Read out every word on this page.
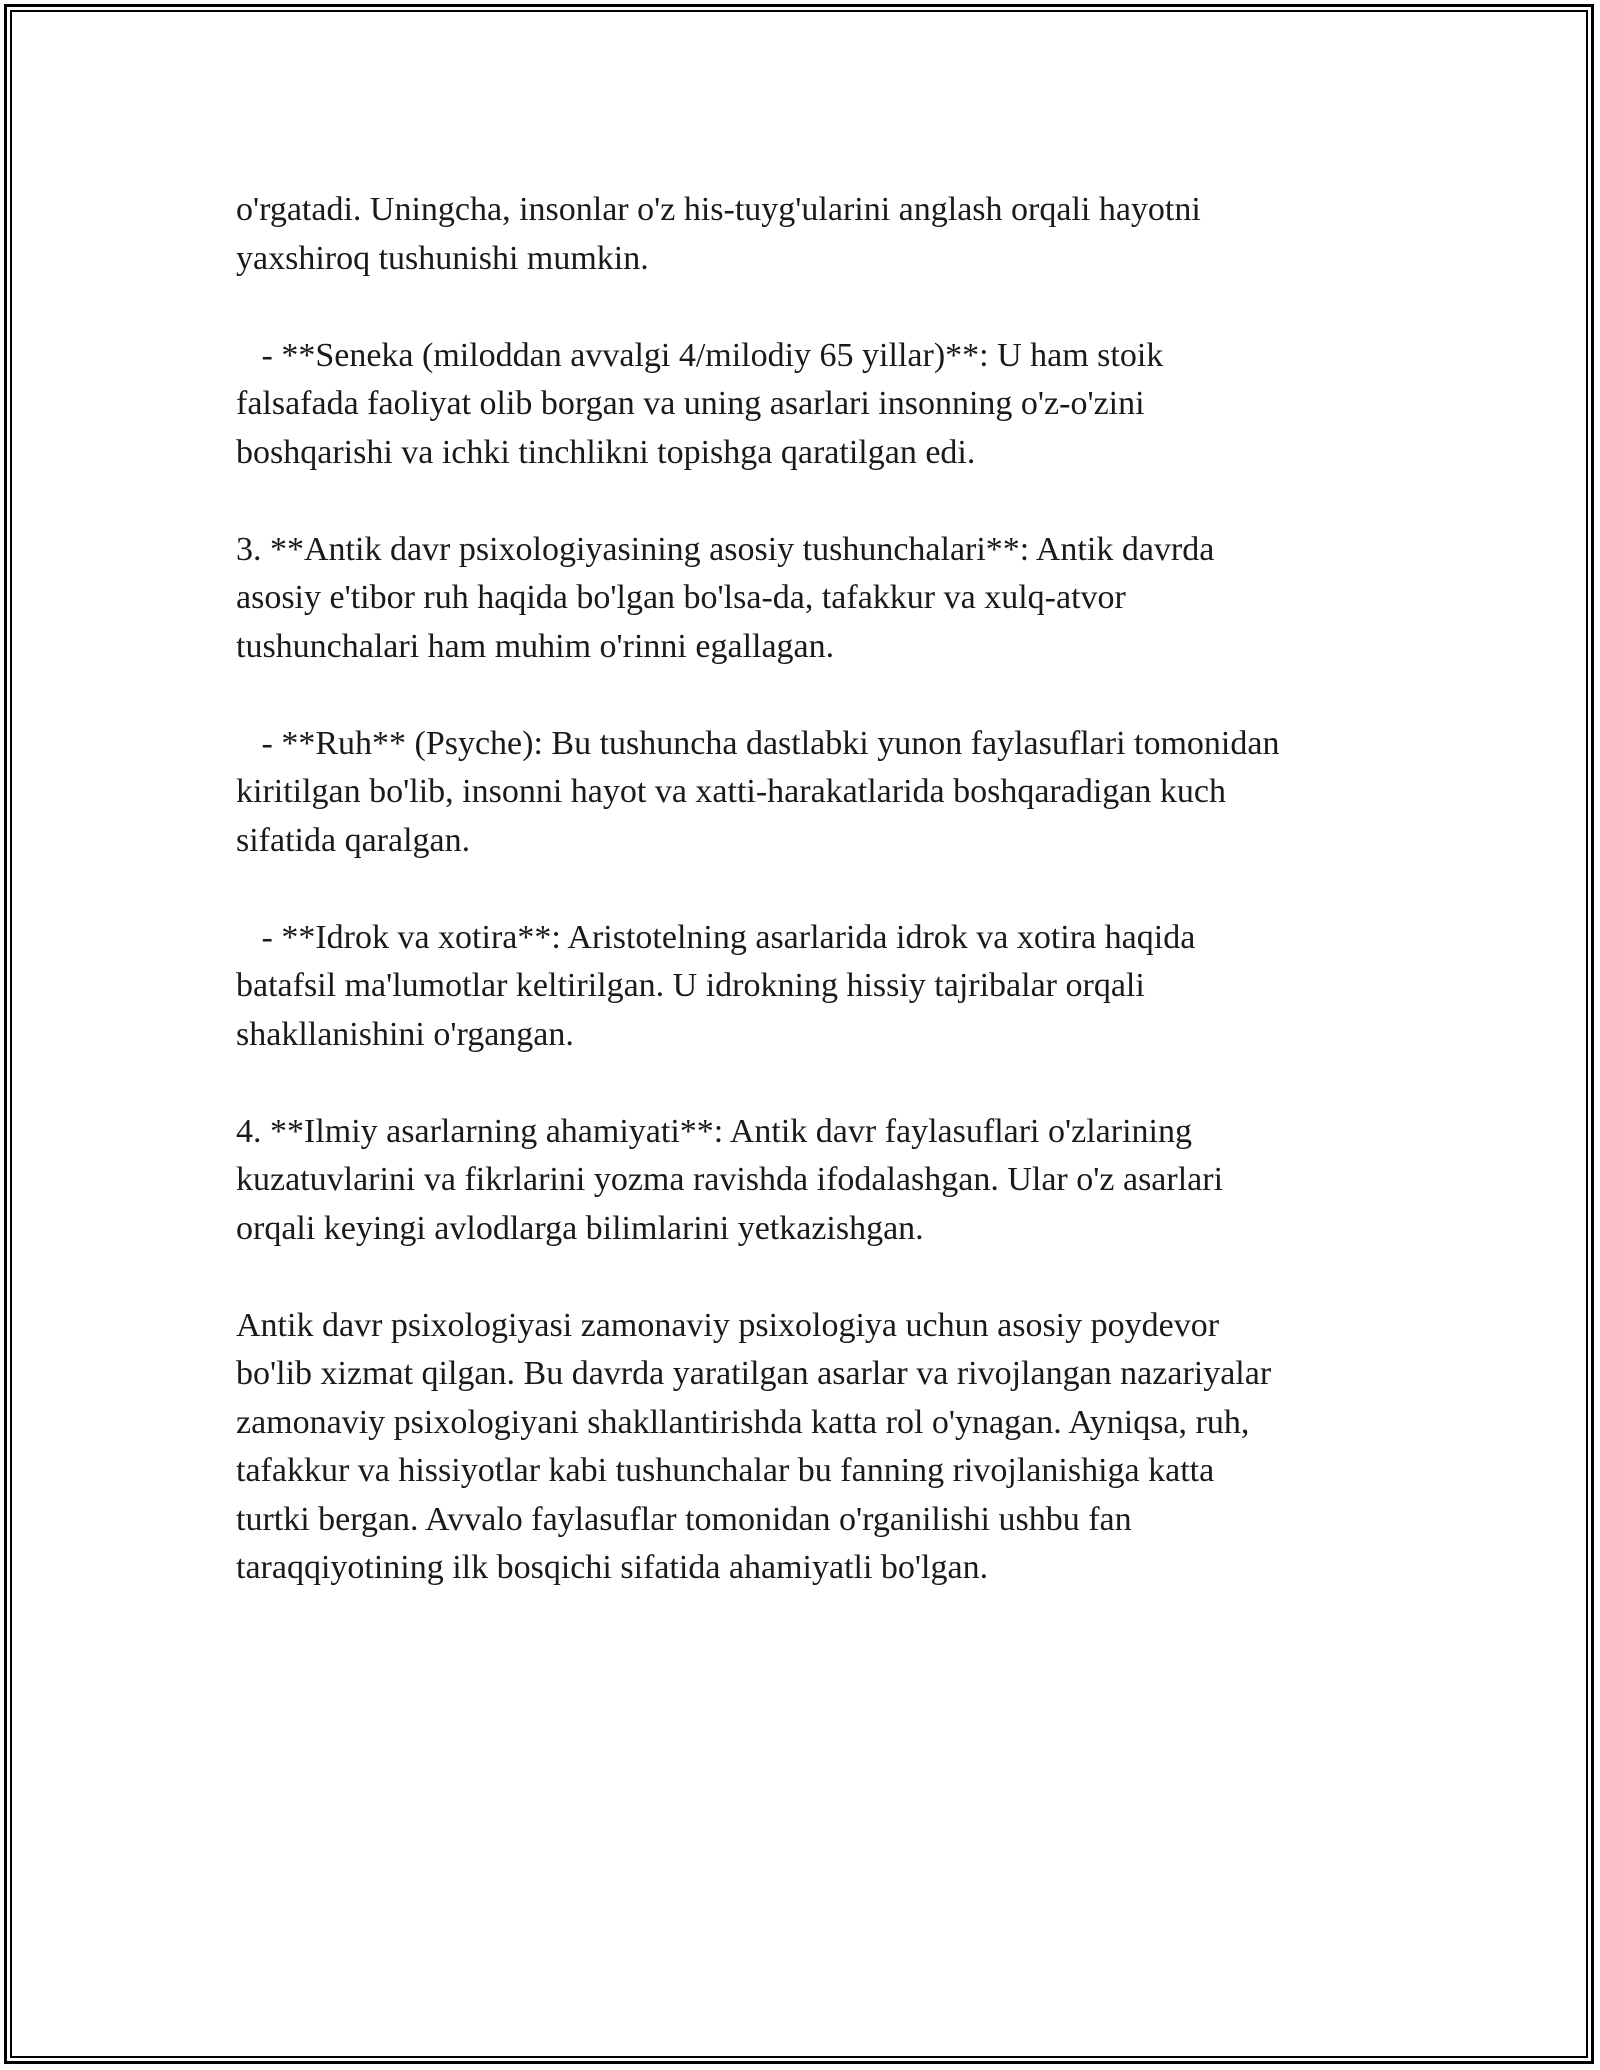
o'rgatadi. Uningcha, insonlar o'z his-tuyg'ularini anglash orqali hayotni
yaxshiroq tushunishi mumkin.

- **Seneka (miloddan avvalgi 4/milodiy 65 yillar)**: U ham stoik
falsafada faoliyat olib borgan va uning asarlari insonning o'z-o'zini
boshqarishi va ichki tinchlikni topishga qaratilgan edi.

3. **Antik davr psixologiyasining asosiy tushunchalari**: Antik davrda
asosiy e'tibor ruh haqida bo'lgan bo'lsa-da, tafakkur va xulq-atvor
tushunchalari ham muhim o'rinni egallagan.

- **Ruh** (Psyche): Bu tushuncha dastlabki yunon faylasuflari tomonidan
kiritilgan bo'lib, insonni hayot va xatti-harakatlarida boshqaradigan kuch
sifatida qaralgan.

- **Idrok va xotira**: Aristotelning asarlarida idrok va xotira haqida
batafsil ma'lumotlar keltirilgan. U idrokning hissiy tajribalar orqali
shakllanishini o'rgangan.

4. **Ilmiy asarlarning ahamiyati**: Antik davr faylasuflari o'zlarining
kuzatuvlarini va fikrlarini yozma ravishda ifodalashgan. Ular o'z asarlari
orqali keyingi avlodlarga bilimlarini yetkazishgan.

Antik davr psixologiyasi zamonaviy psixologiya uchun asosiy poydevor
bo'lib xizmat qilgan. Bu davrda yaratilgan asarlar va rivojlangan nazariyalar
zamonaviy psixologiyani shakllantirishda katta rol o'ynagan. Ayniqsa, ruh,
tafakkur va hissiyotlar kabi tushunchalar bu fanning rivojlanishiga katta
turtki bergan. Avvalo faylasuflar tomonidan o'rganilishi ushbu fan
taraqqiyotining ilk bosqichi sifatida ahamiyatli bo'lgan.
